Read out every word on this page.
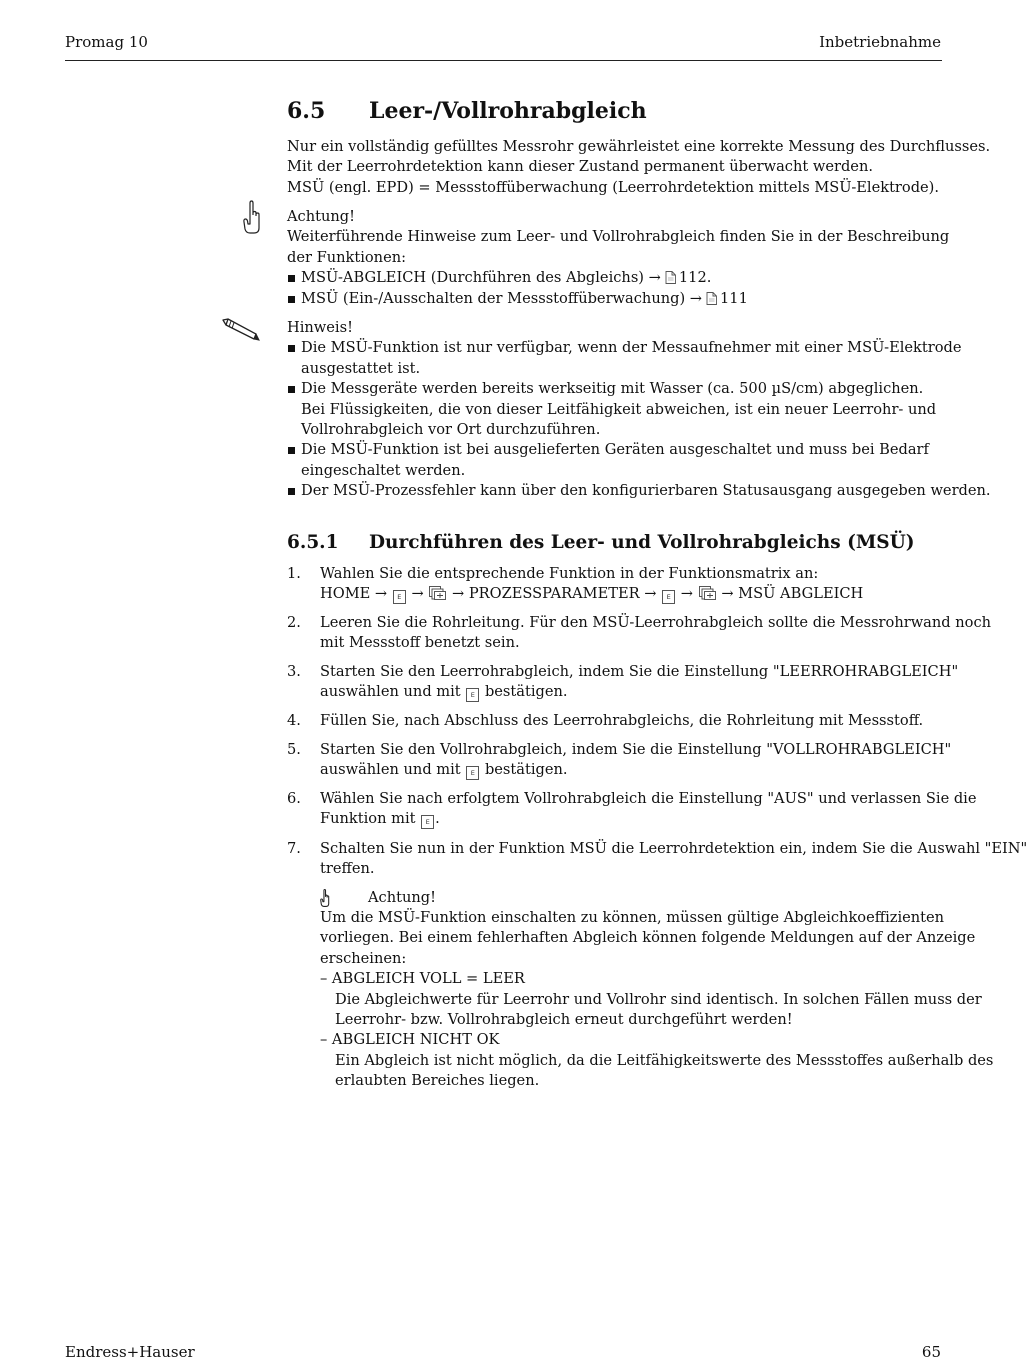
Promag 10	Inbetriebnahme
6.5 Leer-/Vollrohrabgleich
Nur ein vollständig gefülltes Messrohr gewährleistet eine korrekte Messung des Durchflusses.
Mit der Leerrohrdetektion kann dieser Zustand permanent überwacht werden.
MSÜ (engl. EPD) = Messstoffüberwachung (Leerrohrdetektion mittels MSÜ-Elektrode).
Achtung!
Weiterführende Hinweise zum Leer- und Vollrohrabgleich finden Sie in der Beschreibung
der Funktionen:
MSÜ-ABGLEICH (Durchführen des Abgleichs) → 112.
MSÜ (Ein-/Ausschalten der Messstoffüberwachung) → 111
Hinweis!
Die MSÜ-Funktion ist nur verfügbar, wenn der Messaufnehmer mit einer MSÜ-Elektrode
ausgestattet ist.
Die Messgeräte werden bereits werkseitig mit Wasser (ca. 500 µS/cm) abgeglichen.
Bei Flüssigkeiten, die von dieser Leitfähigkeit abweichen, ist ein neuer Leerrohr- und
Vollrohrabgleich vor Ort durchzuführen.
Die MSÜ-Funktion ist bei ausgelieferten Geräten ausgeschaltet und muss bei Bedarf
eingeschaltet werden.
Der MSÜ-Prozessfehler kann über den konfigurierbaren Statusausgang ausgegeben werden.
6.5.1 Durchführen des Leer- und Vollrohrabgleichs (MSÜ)
1. Wahlen Sie die entsprechende Funktion in der Funktionsmatrix an:
HOME → E → → PROZESSPARAMETER → E → → MSÜ ABGLEICH
2. Leeren Sie die Rohrleitung. Für den MSÜ-Leerrohrabgleich sollte die Messrohrwand noch
mit Messstoff benetzt sein.
3. Starten Sie den Leerrohrabgleich, indem Sie die Einstellung "LEERROHRABGLEICH"
auswählen und mit E bestätigen.
4. Füllen Sie, nach Abschluss des Leerrohrabgleichs, die Rohrleitung mit Messstoff.
5. Starten Sie den Vollrohrabgleich, indem Sie die Einstellung "VOLLROHRABGLEICH"
auswählen und mit E bestätigen.
6. Wählen Sie nach erfolgtem Vollrohrabgleich die Einstellung "AUS" und verlassen Sie die
Funktion mit E .
7. Schalten Sie nun in der Funktion MSÜ die Leerrohrdetektion ein, indem Sie die Auswahl "EIN"
treffen.
Achtung!
Um die MSÜ-Funktion einschalten zu können, müssen gültige Abgleichkoeffizienten
vorliegen. Bei einem fehlerhaften Abgleich können folgende Meldungen auf der Anzeige
erscheinen:
– ABGLEICH VOLL = LEER
Die Abgleichwerte für Leerrohr und Vollrohr sind identisch. In solchen Fällen muss der
Leerrohr- bzw. Vollrohrabgleich erneut durchgeführt werden!
– ABGLEICH NICHT OK
Ein Abgleich ist nicht möglich, da die Leitfähigkeitswerte des Messstoffes außerhalb des
erlaubten Bereiches liegen.
Endress+Hauser	65
